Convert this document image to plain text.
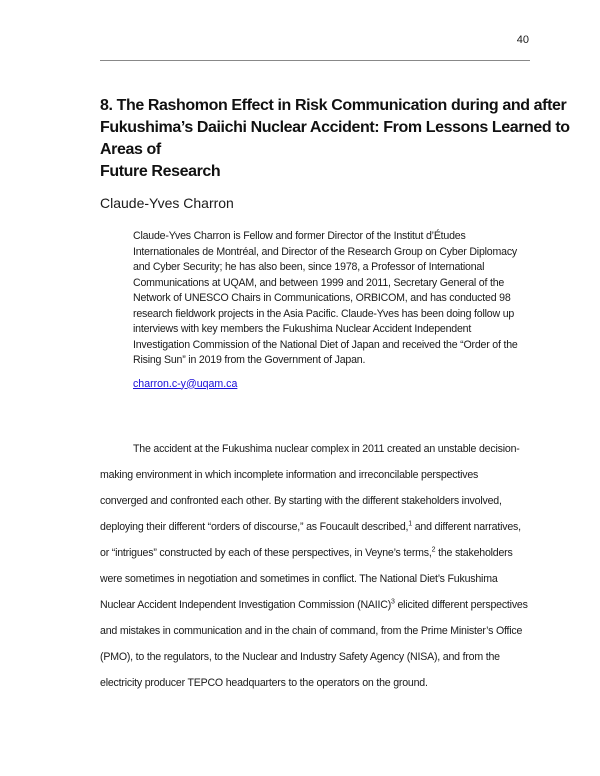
40
8. The Rashomon Effect in Risk Communication during and after
Fukushima’s Daiichi Nuclear Accident: From Lessons Learned to Areas of
Future Research
Claude-Yves Charron
Claude-Yves Charron is Fellow and former Director of the Institut d’Études
Internationales de Montréal, and Director of the Research Group on Cyber Diplomacy
and Cyber Security; he has also been, since 1978, a Professor of International
Communications at UQAM, and between 1999 and 2011, Secretary General of the
Network of UNESCO Chairs in Communications, ORBICOM, and has conducted 98
research fieldwork projects in the Asia Pacific. Claude-Yves has been doing follow up
interviews with key members the Fukushima Nuclear Accident Independent
Investigation Commission of the National Diet of Japan and received the “Order of the
Rising Sun” in 2019 from the Government of Japan.
charron.c-y@uqam.ca
The accident at the Fukushima nuclear complex in 2011 created an unstable decision-
making environment in which incomplete information and irreconcilable perspectives
converged and confronted each other. By starting with the different stakeholders involved,
deploying their different “orders of discourse,” as Foucault described,$^1$ and different narratives,
or “intrigues” constructed by each of these perspectives, in Veyne’s terms,$^2$ the stakeholders
were sometimes in negotiation and sometimes in conflict. The National Diet’s Fukushima
Nuclear Accident Independent Investigation Commission (NAIIC)$^3$ elicited different perspectives
and mistakes in communication and in the chain of command, from the Prime Minister’s Office
(PMO), to the regulators, to the Nuclear and Industry Safety Agency (NISA), and from the
electricity producer TEPCO headquarters to the operators on the ground.
